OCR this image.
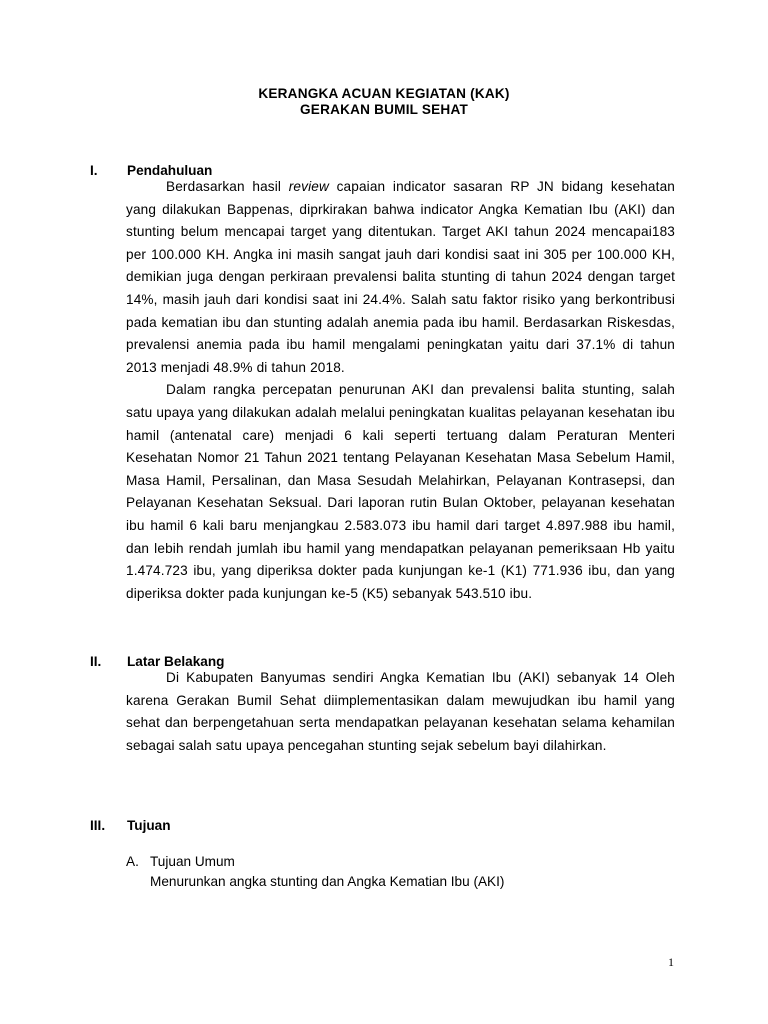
KERANGKA ACUAN KEGIATAN (KAK)
GERAKAN BUMIL SEHAT
I. Pendahuluan

Berdasarkan hasil review capaian indicator sasaran RP JN bidang kesehatan yang dilakukan Bappenas, diprkirakan bahwa indicator Angka Kematian Ibu (AKI) dan stunting belum mencapai target yang ditentukan. Target AKI tahun 2024 mencapai183 per 100.000 KH. Angka ini masih sangat jauh dari kondisi saat ini 305 per 100.000 KH, demikian juga dengan perkiraan prevalensi balita stunting di tahun 2024 dengan target 14%, masih jauh dari kondisi saat ini 24.4%. Salah satu faktor risiko yang berkontribusi pada kematian ibu dan stunting adalah anemia pada ibu hamil. Berdasarkan Riskesdas, prevalensi anemia pada ibu hamil mengalami peningkatan yaitu dari 37.1% di tahun 2013 menjadi 48.9% di tahun 2018.

Dalam rangka percepatan penurunan AKI dan prevalensi balita stunting, salah satu upaya yang dilakukan adalah melalui peningkatan kualitas pelayanan kesehatan ibu hamil (antenatal care) menjadi 6 kali seperti tertuang dalam Peraturan Menteri Kesehatan Nomor 21 Tahun 2021 tentang Pelayanan Kesehatan Masa Sebelum Hamil, Masa Hamil, Persalinan, dan Masa Sesudah Melahirkan, Pelayanan Kontrasepsi, dan Pelayanan Kesehatan Seksual. Dari laporan rutin Bulan Oktober, pelayanan kesehatan ibu hamil 6 kali baru menjangkau 2.583.073 ibu hamil dari target 4.897.988 ibu hamil, dan lebih rendah jumlah ibu hamil yang mendapatkan pelayanan pemeriksaan Hb yaitu 1.474.723 ibu, yang diperiksa dokter pada kunjungan ke-1 (K1) 771.936 ibu, dan yang diperiksa dokter pada kunjungan ke-5 (K5) sebanyak 543.510 ibu.

II. Latar Belakang

Di Kabupaten Banyumas sendiri Angka Kematian Ibu (AKI) sebanyak 14 Oleh karena Gerakan Bumil Sehat diimplementasikan dalam mewujudkan ibu hamil yang sehat dan berpengetahuan serta mendapatkan pelayanan kesehatan selama kehamilan sebagai salah satu upaya pencegahan stunting sejak sebelum bayi dilahirkan.

III. Tujuan
A. Tujuan Umum
Menurunkan angka stunting dan Angka Kematian Ibu (AKI)
1
